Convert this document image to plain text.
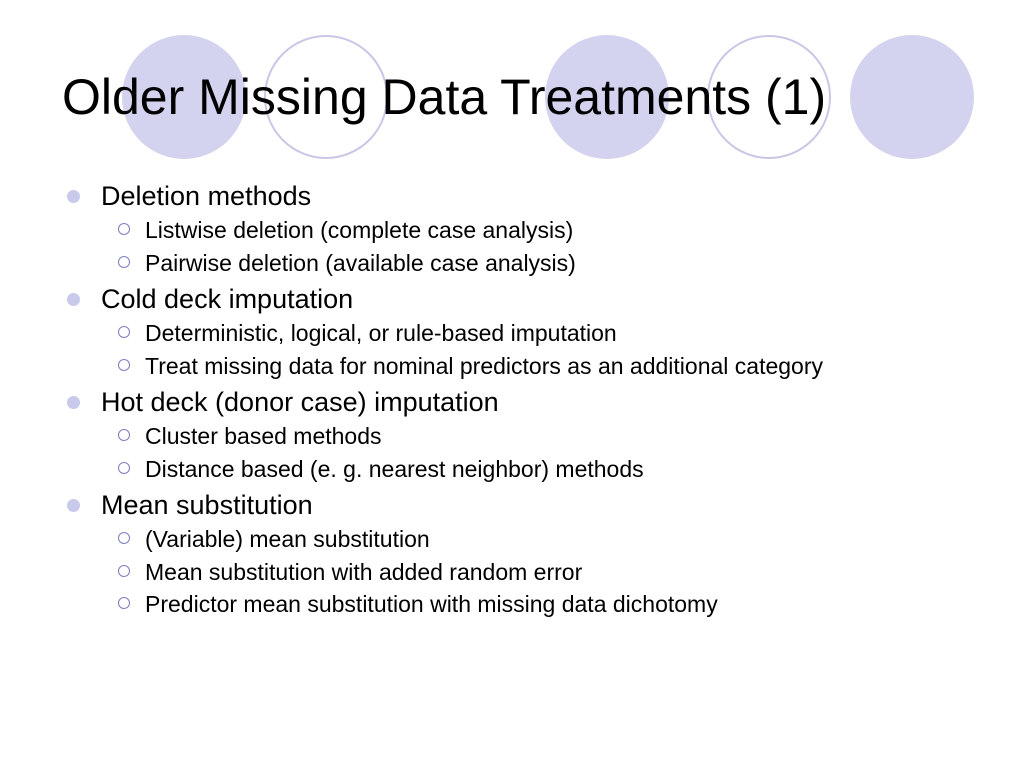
Older Missing Data Treatments (1)
Deletion methods
Listwise deletion (complete case analysis)
Pairwise deletion (available case analysis)
Cold deck imputation
Deterministic, logical, or rule-based imputation
Treat missing data for nominal predictors as an additional category
Hot deck (donor case) imputation
Cluster based methods
Distance based (e. g. nearest neighbor) methods
Mean substitution
(Variable) mean substitution
Mean substitution with added random error
Predictor mean substitution with missing data dichotomy
